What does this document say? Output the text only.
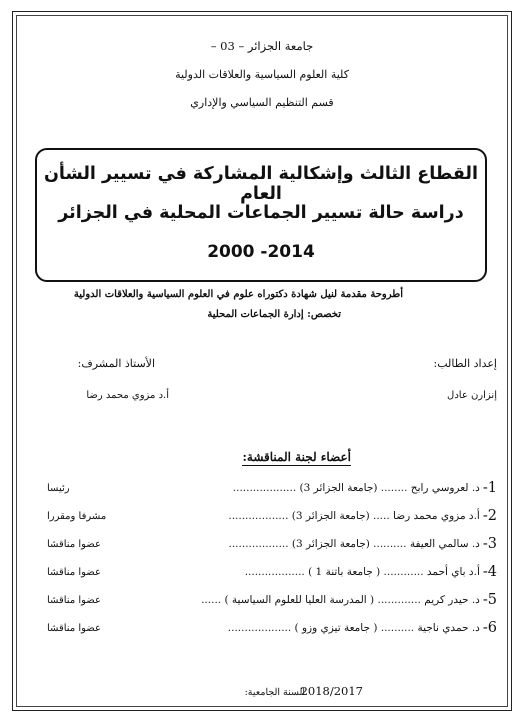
جامعة الجزائر – 03 –
كلية العلوم السياسية والعلاقات الدولية
قسم التنظيم السياسي والإداري
القطاع الثالث وإشكالية المشاركة في تسيير الشأن العام
دراسة حالة تسيير الجماعات المحلية في الجزائر
2000 -2014
أطروحة مقدمة لنيل شهادة دكتوراه علوم في العلوم السياسية والعلاقات الدولية
تخصص: إدارة الجماعات المحلية
إعداد الطالب:
الأستاذ المشرف:
إنزارن عادل
أ.د مزوي محمد رضا
أعضاء لجنة المناقشة:
1-
د. لعروسي رابح ........ (جامعة الجزائر 3) ...................
رئيسا
2-
أ.د مزوي محمد رضا ..... (جامعة الجزائر 3) ..................
مشرفا ومقررا
3-
د. سالمي العيفة .......... (جامعة الجزائر 3) ..................
عضوا مناقشا
4-
أ.د باي أحمد ............ ( جامعة باتنة 1 ) ..................
عضوا مناقشا
5-
د. حيدر كريم ............. ( المدرسة العليا للعلوم السياسية ) ......
عضوا مناقشا
6-
د. حمدي ناجية .......... ( جامعة تيزي وزو ) ...................
عضوا مناقشا
السنة الجامعية:
2018/2017
